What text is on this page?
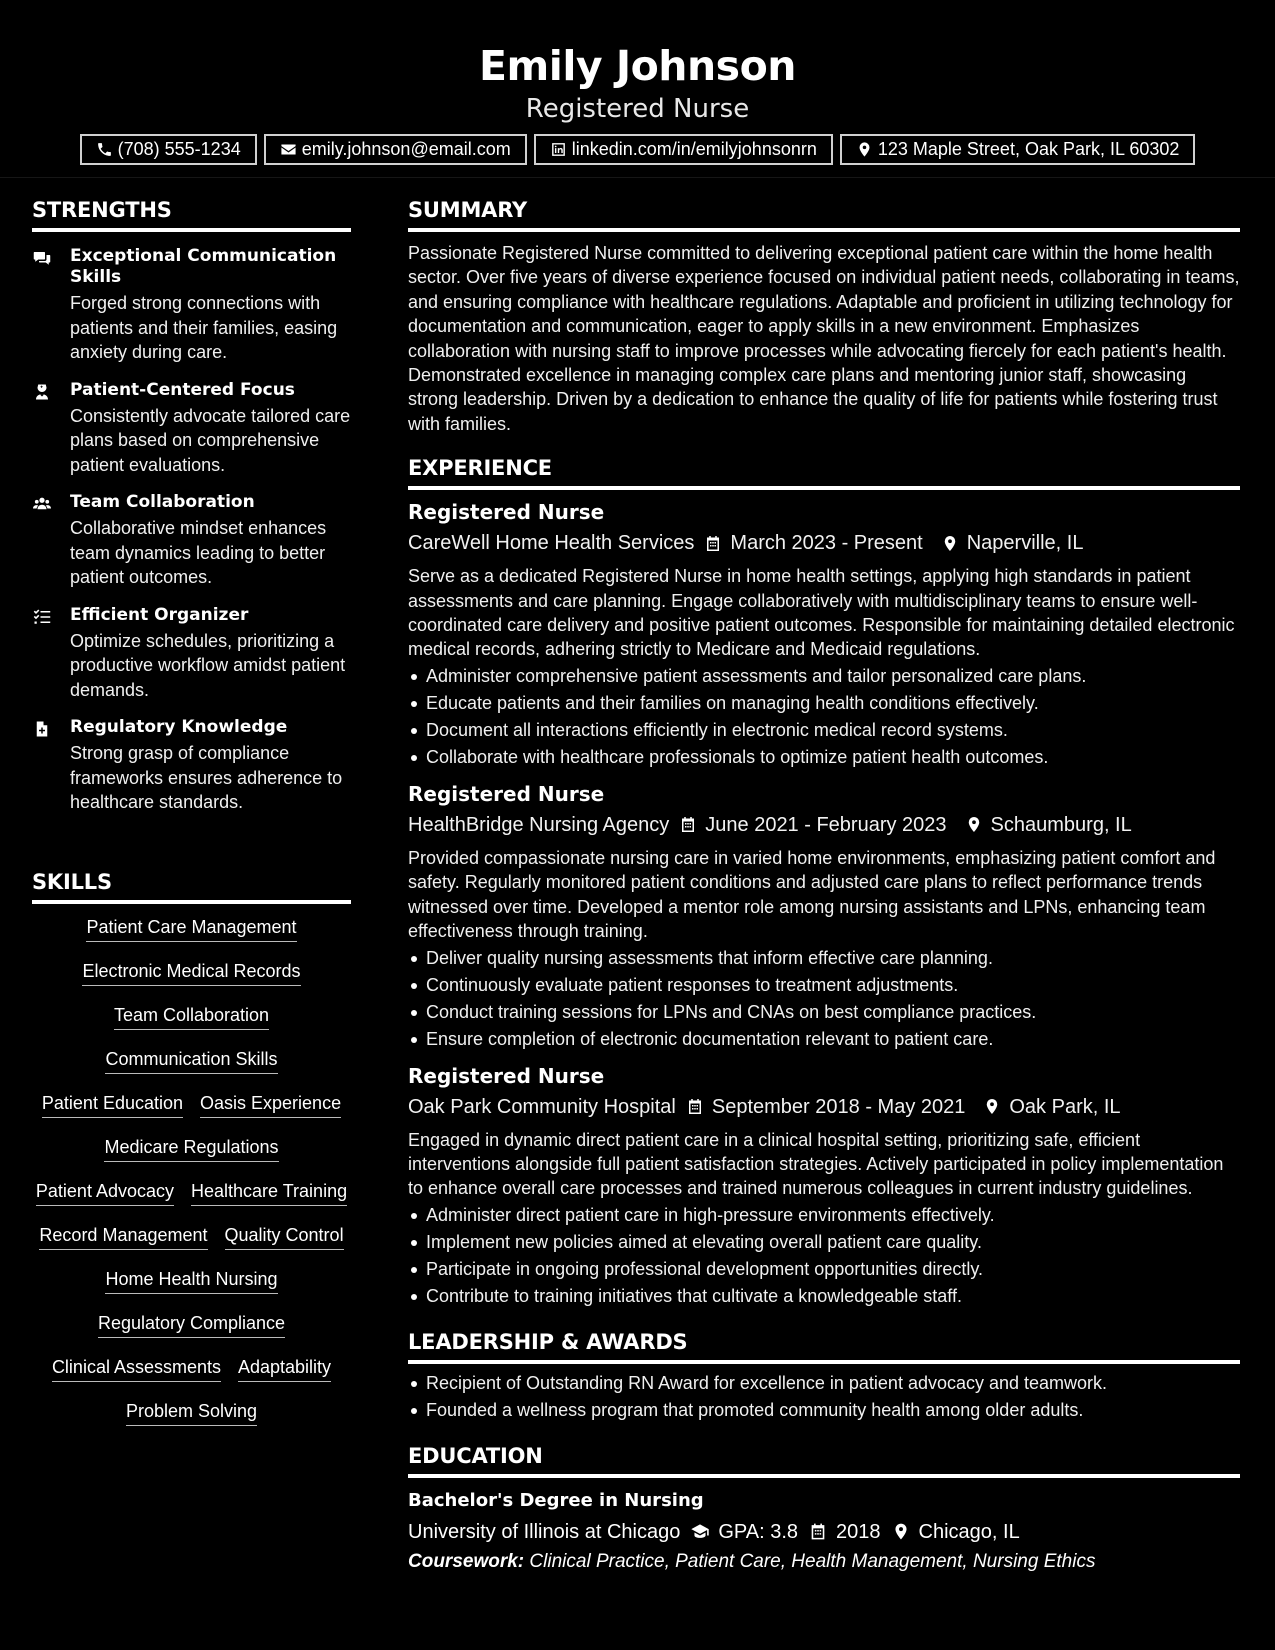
Emily Johnson
Registered Nurse
(708) 555-1234	emily.johnson@email.com	linkedin.com/in/emilyjohnsonrn	123 Maple Street, Oak Park, IL 60302
STRENGTHS
Exceptional Communication Skills
Forged strong connections with patients and their families, easing anxiety during care.
Patient-Centered Focus
Consistently advocate tailored care plans based on comprehensive patient evaluations.
Team Collaboration
Collaborative mindset enhances team dynamics leading to better patient outcomes.
Efficient Organizer
Optimize schedules, prioritizing a productive workflow amidst patient demands.
Regulatory Knowledge
Strong grasp of compliance frameworks ensures adherence to healthcare standards.
SKILLS
Patient Care Management
Electronic Medical Records
Team Collaboration
Communication Skills
Patient Education Oasis Experience
Medicare Regulations
Patient Advocacy Healthcare Training
Record Management Quality Control
Home Health Nursing
Regulatory Compliance
Clinical Assessments Adaptability
Problem Solving
SUMMARY
Passionate Registered Nurse committed to delivering exceptional patient care within the home health sector. Over five years of diverse experience focused on individual patient needs, collaborating in teams, and ensuring compliance with healthcare regulations. Adaptable and proficient in utilizing technology for documentation and communication, eager to apply skills in a new environment. Emphasizes collaboration with nursing staff to improve processes while advocating fiercely for each patient's health. Demonstrated excellence in managing complex care plans and mentoring junior staff, showcasing strong leadership. Driven by a dedication to enhance the quality of life for patients while fostering trust with families.
EXPERIENCE
Registered Nurse
CareWell Home Health Services March 2023 - Present Naperville, IL
Serve as a dedicated Registered Nurse in home health settings, applying high standards in patient assessments and care planning. Engage collaboratively with multidisciplinary teams to ensure well-coordinated care delivery and positive patient outcomes. Responsible for maintaining detailed electronic medical records, adhering strictly to Medicare and Medicaid regulations.
Administer comprehensive patient assessments and tailor personalized care plans.
Educate patients and their families on managing health conditions effectively.
Document all interactions efficiently in electronic medical record systems.
Collaborate with healthcare professionals to optimize patient health outcomes.
Registered Nurse
HealthBridge Nursing Agency June 2021 - February 2023 Schaumburg, IL
Provided compassionate nursing care in varied home environments, emphasizing patient comfort and safety. Regularly monitored patient conditions and adjusted care plans to reflect performance trends witnessed over time. Developed a mentor role among nursing assistants and LPNs, enhancing team effectiveness through training.
Deliver quality nursing assessments that inform effective care planning.
Continuously evaluate patient responses to treatment adjustments.
Conduct training sessions for LPNs and CNAs on best compliance practices.
Ensure completion of electronic documentation relevant to patient care.
Registered Nurse
Oak Park Community Hospital September 2018 - May 2021 Oak Park, IL
Engaged in dynamic direct patient care in a clinical hospital setting, prioritizing safe, efficient interventions alongside full patient satisfaction strategies. Actively participated in policy implementation to enhance overall care processes and trained numerous colleagues in current industry guidelines.
Administer direct patient care in high-pressure environments effectively.
Implement new policies aimed at elevating overall patient care quality.
Participate in ongoing professional development opportunities directly.
Contribute to training initiatives that cultivate a knowledgeable staff.
LEADERSHIP & AWARDS
Recipient of Outstanding RN Award for excellence in patient advocacy and teamwork.
Founded a wellness program that promoted community health among older adults.
EDUCATION
Bachelor's Degree in Nursing
University of Illinois at Chicago GPA: 3.8 2018 Chicago, IL
Coursework: Clinical Practice, Patient Care, Health Management, Nursing Ethics
